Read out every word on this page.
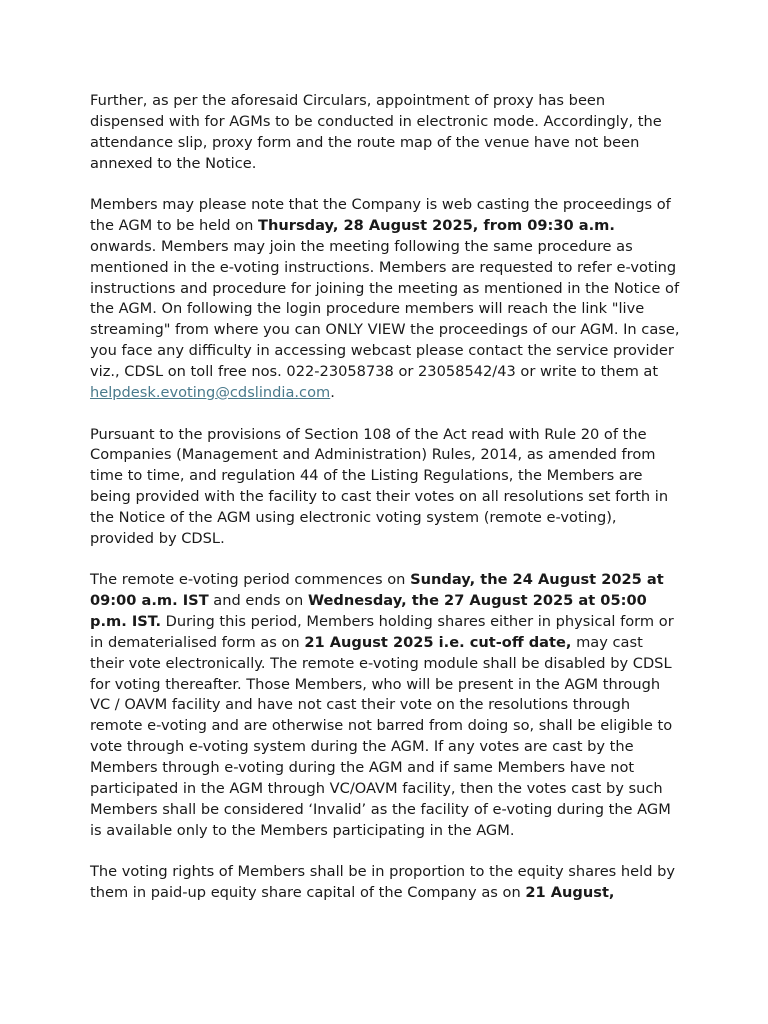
Further, as per the aforesaid Circulars, appointment of proxy has been dispensed with for AGMs to be conducted in electronic mode. Accordingly, the attendance slip, proxy form and the route map of the venue have not been annexed to the Notice.

Members may please note that the Company is web casting the proceedings of the AGM to be held on Thursday, 28 August 2025, from 09:30 a.m. onwards. Members may join the meeting following the same procedure as mentioned in the e-voting instructions. Members are requested to refer e-voting instructions and procedure for joining the meeting as mentioned in the Notice of the AGM. On following the login procedure members will reach the link "live streaming" from where you can ONLY VIEW the proceedings of our AGM. In case, you face any difficulty in accessing webcast please contact the service provider viz., CDSL on toll free nos. 022-23058738 or 23058542/43 or write to them at helpdesk.evoting@cdslindia.com.

Pursuant to the provisions of Section 108 of the Act read with Rule 20 of the Companies (Management and Administration) Rules, 2014, as amended from time to time, and regulation 44 of the Listing Regulations, the Members are being provided with the facility to cast their votes on all resolutions set forth in the Notice of the AGM using electronic voting system (remote e-voting), provided by CDSL.

The remote e-voting period commences on Sunday, the 24 August 2025 at 09:00 a.m. IST and ends on Wednesday, the 27 August 2025 at 05:00 p.m. IST. During this period, Members holding shares either in physical form or in dematerialised form as on 21 August 2025 i.e. cut-off date, may cast their vote electronically. The remote e-voting module shall be disabled by CDSL for voting thereafter. Those Members, who will be present in the AGM through VC / OAVM facility and have not cast their vote on the resolutions through remote e-voting and are otherwise not barred from doing so, shall be eligible to vote through e-voting system during the AGM. If any votes are cast by the Members through e-voting during the AGM and if same Members have not participated in the AGM through VC/OAVM facility, then the votes cast by such Members shall be considered ‘Invalid’ as the facility of e-voting during the AGM is available only to the Members participating in the AGM.

The voting rights of Members shall be in proportion to the equity shares held by them in paid-up equity share capital of the Company as on 21 August,
